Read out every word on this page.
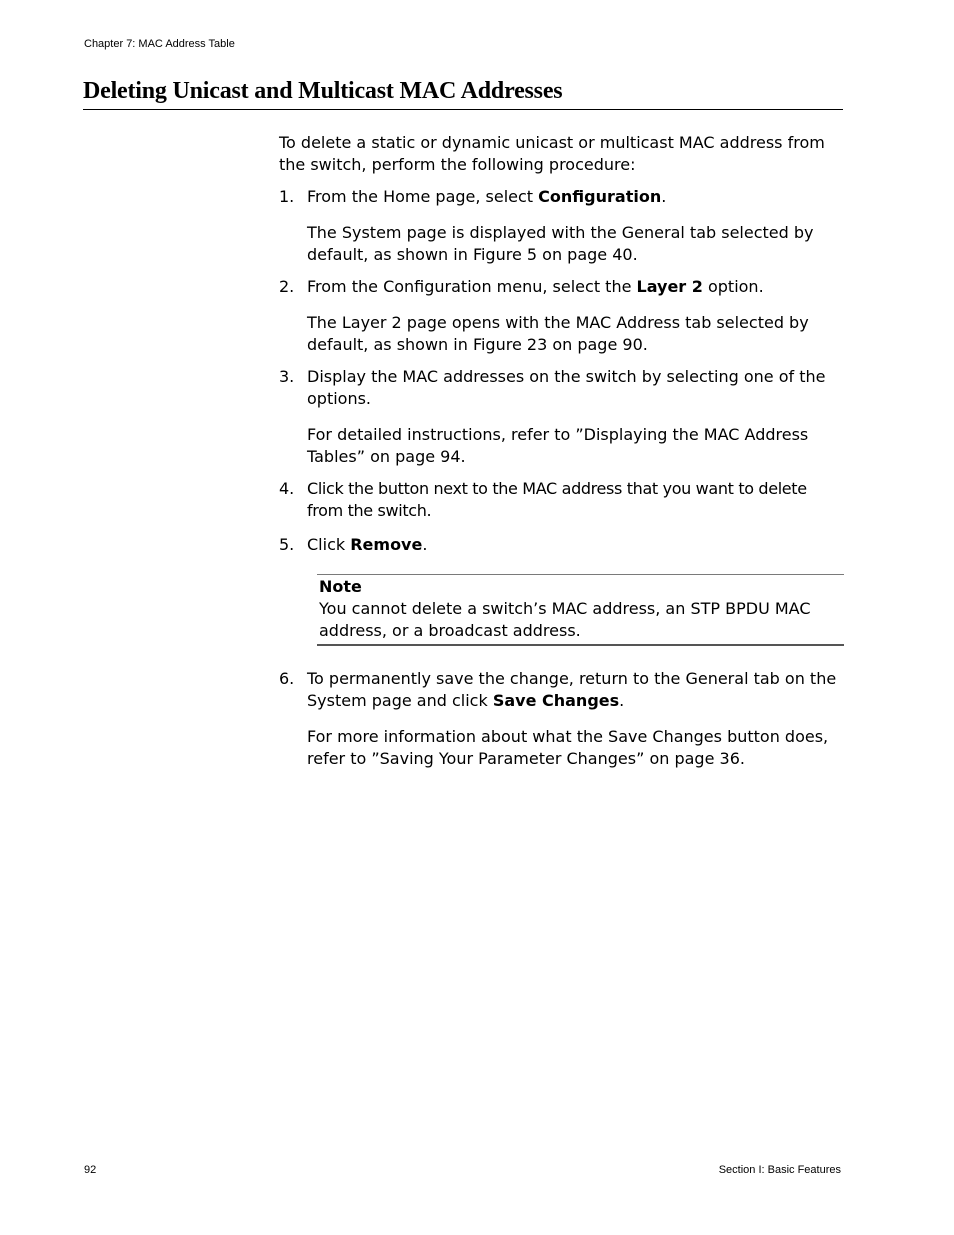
Chapter 7: MAC Address Table
Deleting Unicast and Multicast MAC Addresses

To delete a static or dynamic unicast or multicast MAC address from the switch, perform the following procedure:

1. From the Home page, select Configuration.

The System page is displayed with the General tab selected by default, as shown in Figure 5 on page 40.

2. From the Configuration menu, select the Layer 2 option.

The Layer 2 page opens with the MAC Address tab selected by default, as shown in Figure 23 on page 90.

3. Display the MAC addresses on the switch by selecting one of the options.

For detailed instructions, refer to ”Displaying the MAC Address Tables” on page 94.

4. Click the button next to the MAC address that you want to delete from the switch.

5. Click Remove.

Note
You cannot delete a switch’s MAC address, an STP BPDU MAC address, or a broadcast address.
6. To permanently save the change, return to the General tab on the System page and click Save Changes.

For more information about what the Save Changes button does, refer to ”Saving Your Parameter Changes” on page 36.

92	Section I: Basic Features
